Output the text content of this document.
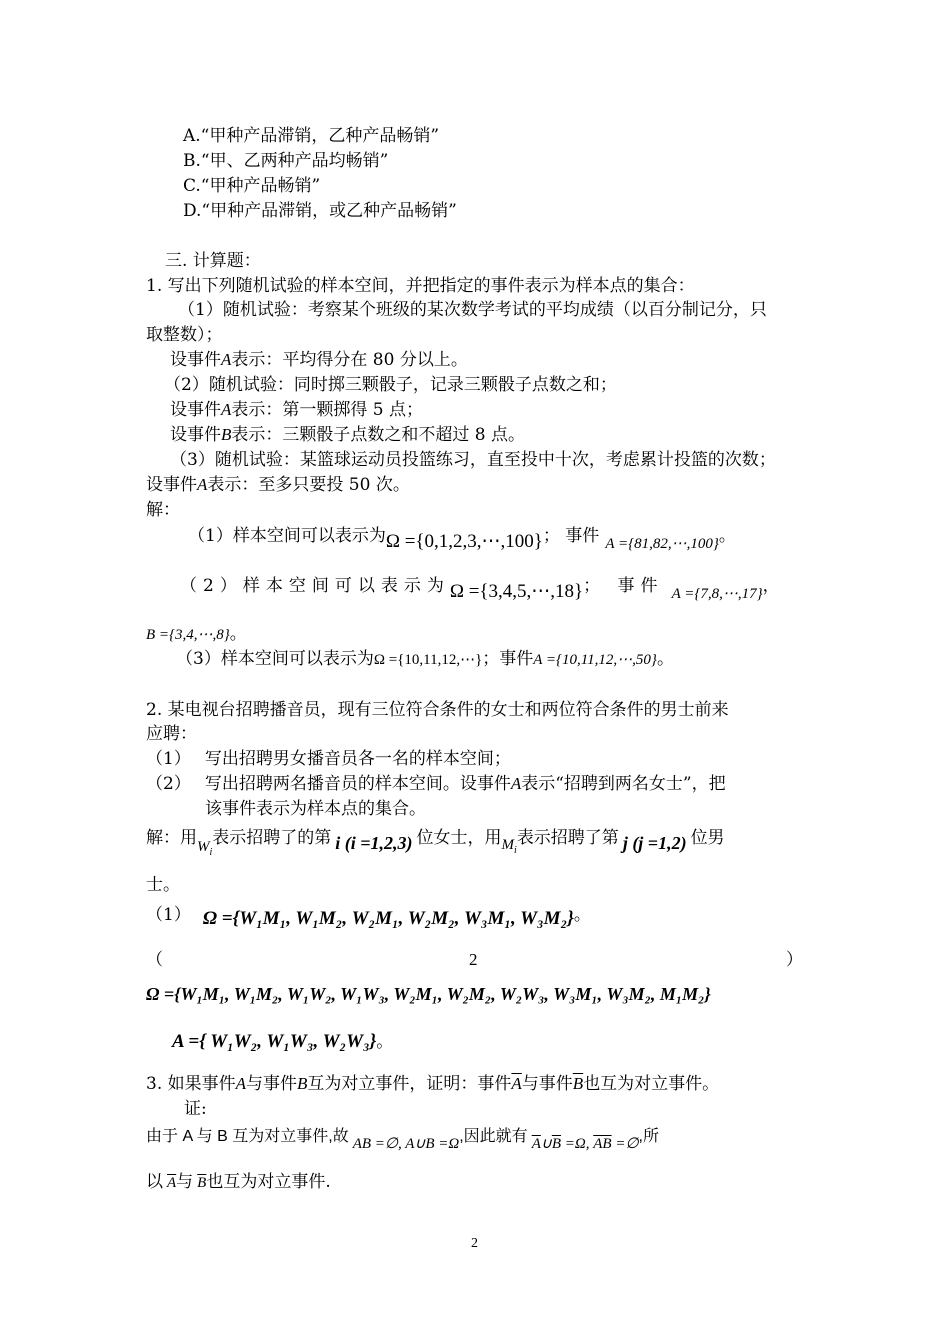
A.“甲种产品滞销，乙种产品畅销”
B.“甲、乙两种产品均畅销”
C.“甲种产品畅销”
D.“甲种产品滞销，或乙种产品畅销”
三. 计算题：
1. 写出下列随机试验的样本空间，并把指定的事件表示为样本点的集合：
（1）随机试验：考察某个班级的某次数学考试的平均成绩（以百分制记分，只
取整数）；
设事件A表示：平均得分在 80 分以上。
（2）随机试验：同时掷三颗骰子，记录三颗骰子点数之和；
设事件A表示：第一颗掷得 5 点；
设事件B表示：三颗骰子点数之和不超过 8 点。
（3）随机试验：某篮球运动员投篮练习，直至投中十次，考虑累计投篮的次数；
设事件A表示：至多只要投 50 次。
解：
（1）样本空间可以表示为Ω ={0,1,2,3,⋯,100}； 事件 A ={81,82,⋯,100}。
（2）样本空间可以表示为Ω ={3,4,5,⋯,18}； 事件 A ={7,8,⋯,17}，
B ={3,4,⋯,8}。
（3）样本空间可以表示为Ω ={10,11,12,⋯}；事件A ={10,11,12,⋯,50}。
2. 某电视台招聘播音员，现有三位符合条件的女士和两位符合条件的男士前来
应聘：
（1） 写出招聘男女播音员各一名的样本空间；
（2） 写出招聘两名播音员的样本空间。设事件A表示“招聘到两名女士”，把
该事件表示为样本点的集合。
解：用$W_i$表示招聘了的第 i (i =1,2,3) 位女士，用$M_i$表示招聘了第 j (j =1,2) 位男
士。
（1） Ω ={W₁M₁, W₁M₂, W₂M₁, W₂M₂, W₃M₁, W₃M₂}。
（	2	）
Ω ={W₁M₁, W₁M₂, W₁W₂, W₁W₃, W₂M₁, W₂M₂, W₂W₃, W₃M₁, W₃M₂, M₁M₂}
A ={ W₁W₂, W₁W₃, W₂W₃}。
3. 如果事件A与事件B互为对立事件，证明：事件$\overline{A}$与事件$\overline{B}$也互为对立事件。
证:
由于 A 与 B 互为对立事件,故 AB =∅, A∪B =Ω,因此就有 $\overline{A}\cup\overline{B} =\Omega$, $\overline{AB}$ =∅,所
以 $\overline{A}$与 $\overline{B}$也互为对立事件.
2
